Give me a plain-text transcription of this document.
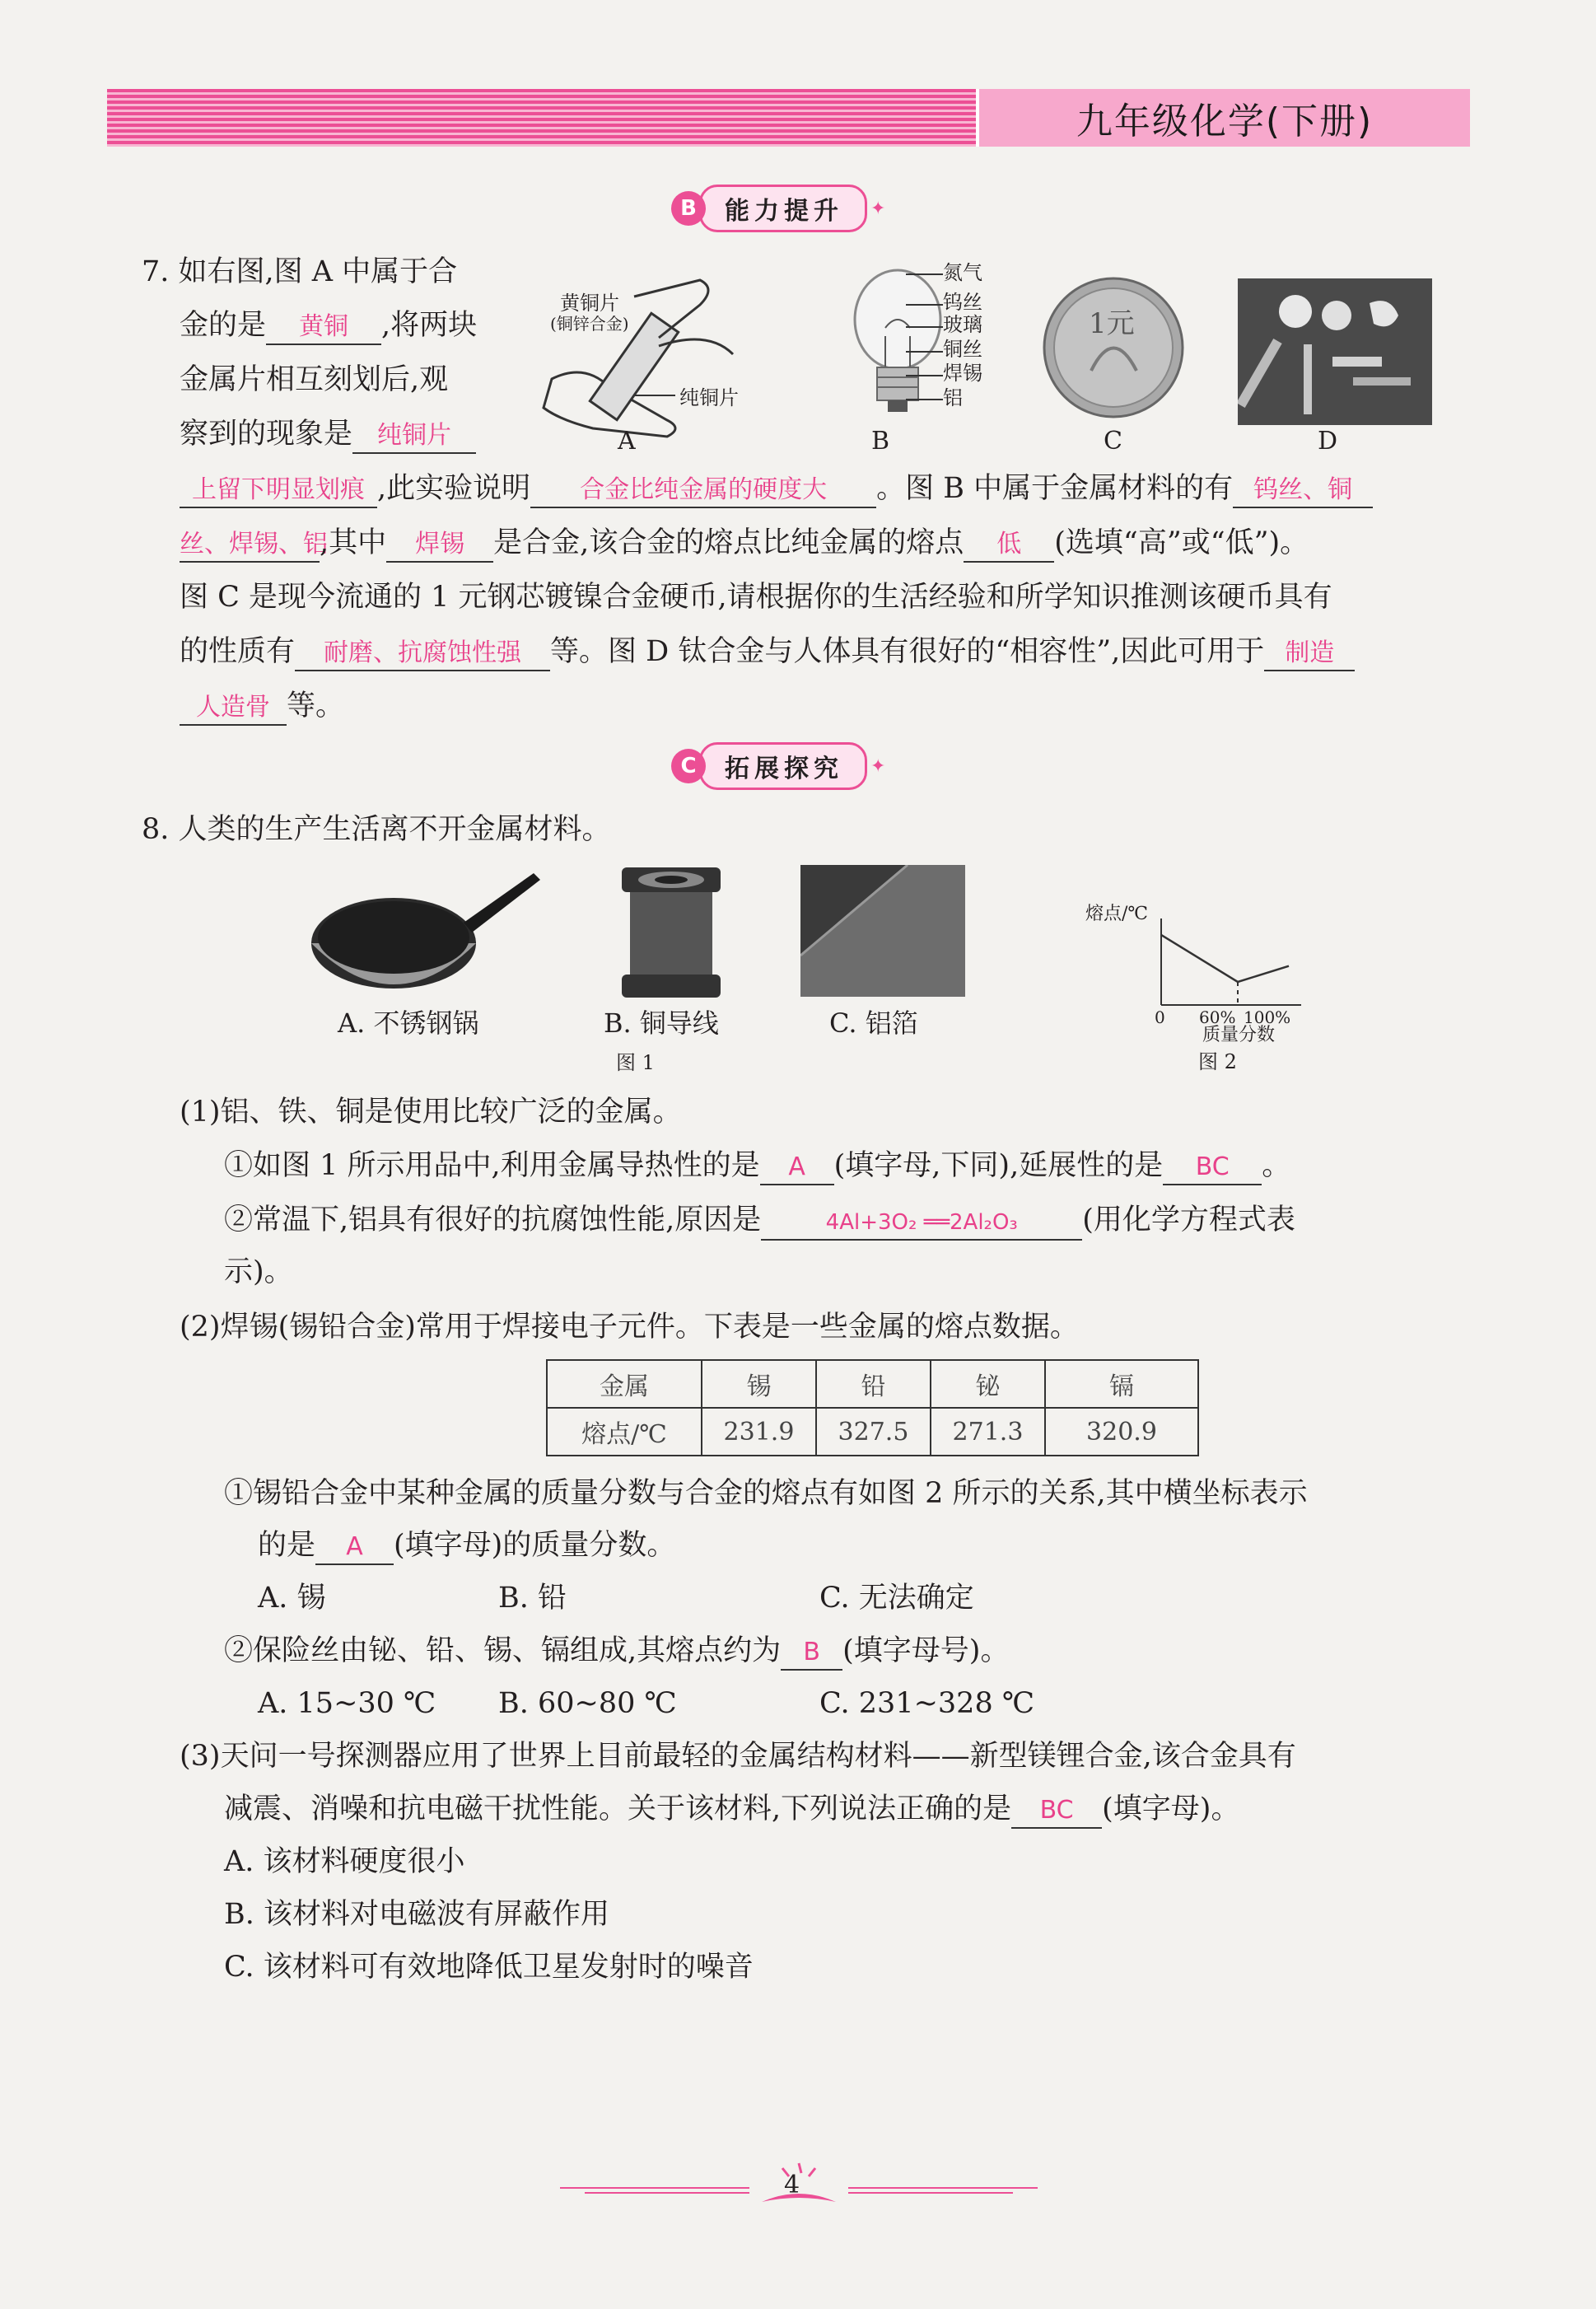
九年级化学(下册)
B	能力提升	✦
7. 如右图,图 A 中属于合
金的是 黄铜 ,将两块
金属片相互刻划后,观
察到的现象是 纯铜片
上留下明显划痕 ,此实验说明 合金比纯金属的硬度大 。图 B 中属于金属材料的有 钨丝、铜
丝、焊锡、铝,其中 焊锡 是合金,该合金的熔点比纯金属的熔点 低 (选填“高”或“低”)。
图 C 是现今流通的 1 元钢芯镀镍合金硬币,请根据你的生活经验和所学知识推测该硬币具有
的性质有 耐磨、抗腐蚀性强 等。图 D 钛合金与人体具有很好的“相容性”,因此可用于 制造
人造骨 等。
黄铜片
(铜锌合金)
纯铜片
氮气
钨丝
玻璃
铜丝
焊锡
铝
1元
A	B	C	D
C	拓展探究	✦
8. 人类的生产生活离不开金属材料。
A. 不锈钢锅	B. 铜导线	C. 铝箔
图 1
熔点/℃
0 60% 100%
质量分数
图 2
(1)铝、铁、铜是使用比较广泛的金属。
①如图 1 所示用品中,利用金属导热性的是 A (填字母,下同),延展性的是 BC 。
②常温下,铝具有很好的抗腐蚀性能,原因是	4Al+3O₂ ══2Al₂O₃ (用化学方程式表
示)。
(2)焊锡(锡铅合金)常用于焊接电子元件。下表是一些金属的熔点数据。
金属	锡	铅	铋	镉
熔点/℃	231.9	327.5	271.3	320.9
①锡铅合金中某种金属的质量分数与合金的熔点有如图 2 所示的关系,其中横坐标表示
的是 A (填字母)的质量分数。
A. 锡	B. 铅	C. 无法确定
②保险丝由铋、铅、锡、镉组成,其熔点约为 B (填字母号)。
A. 15~30 ℃ B. 60~80 ℃	C. 231~328 ℃
(3)天问一号探测器应用了世界上目前最轻的金属结构材料——新型镁锂合金,该合金具有
减震、消噪和抗电磁干扰性能。关于该材料,下列说法正确的是 BC (填字母)。
A. 该材料硬度很小
B. 该材料对电磁波有屏蔽作用
C. 该材料可有效地降低卫星发射时的噪音
4
